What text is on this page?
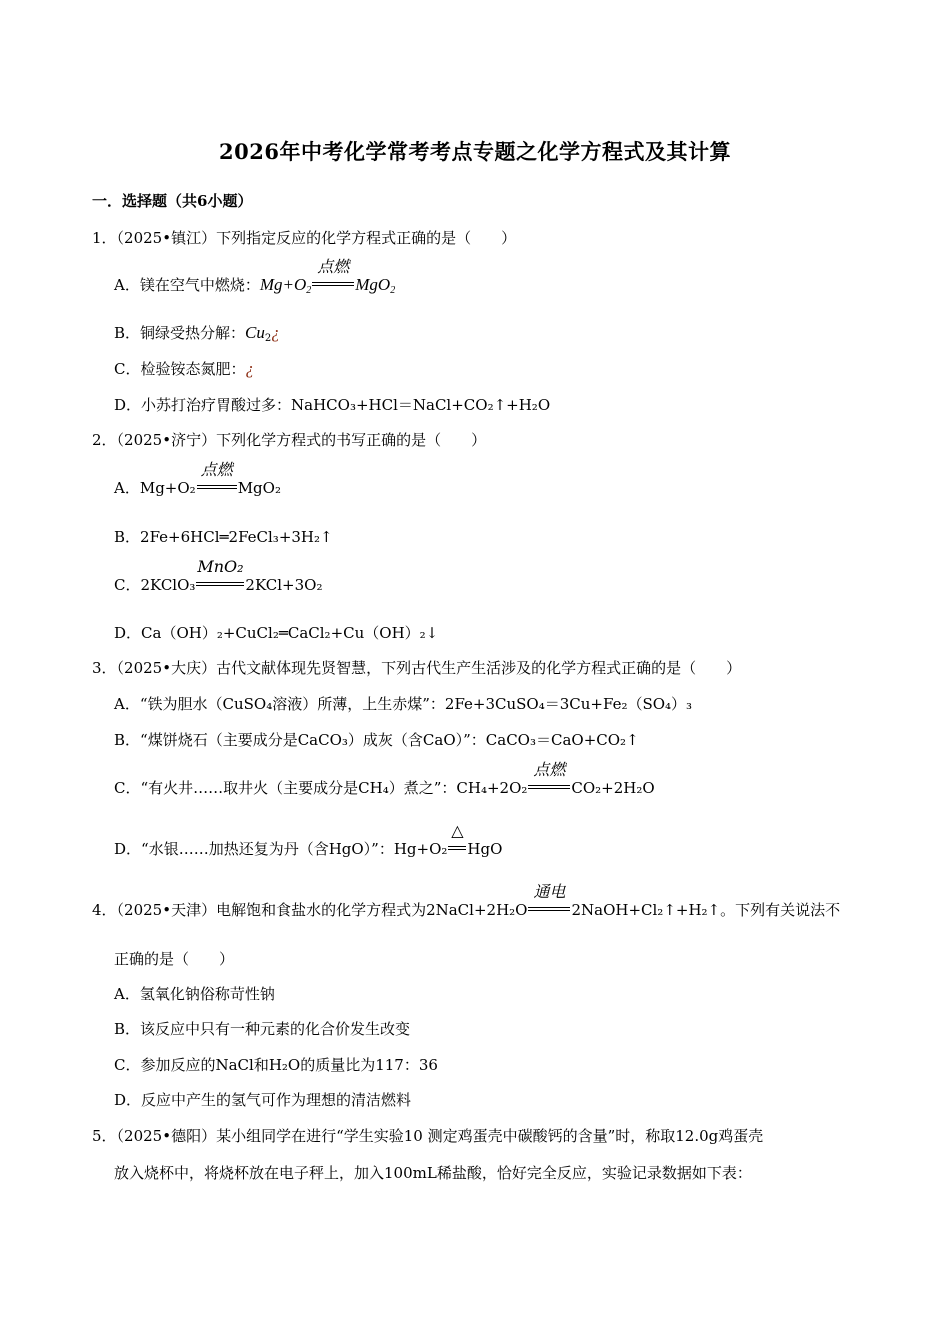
2026年中考化学常考考点专题之化学方程式及其计算
一．选择题（共6小题）
1．（2025•镇江）下列指定反应的化学方程式正确的是（　　）
A．镁在空气中燃烧：$Mg+O_2$
点燃
MgO$_2$
B．铜绿受热分解：$Cu_2¿$
C．检验铵态氮肥：¿
D．小苏打治疗胃酸过多：NaHCO₃+HCl＝NaCl+CO₂↑+H₂O
2．（2025•济宁）下列化学方程式的书写正确的是（　　）
A．Mg+O₂
点燃
MgO₂
B．2Fe+6HCl═2FeCl₃+3H₂↑
C．2KClO₃
MnO₂
2KCl+3O₂
D．Ca（OH）₂+CuCl₂═CaCl₂+Cu（OH）₂↓
3．（2025•大庆）古代文献体现先贤智慧，下列古代生产生活涉及的化学方程式正确的是（　　）
A．“铁为胆水（CuSO₄溶液）所薄，上生赤煤”：2Fe+3CuSO₄＝3Cu+Fe₂（SO₄）₃
B．“煤饼烧石（主要成分是CaCO₃）成灰（含CaO）”：CaCO₃＝CaO+CO₂↑
C．“有火井……取井火（主要成分是CH₄）煮之”：CH₄+2O₂
点燃
CO₂+2H₂O
D．“水银……加热还复为丹（含HgO）”：Hg+O₂
△
HgO
4．（2025•天津）电解饱和食盐水的化学方程式为2NaCl+2H₂O
通电
2NaOH+Cl₂↑+H₂↑。下列有关说法不
正确的是（　　）
A．氢氧化钠俗称苛性钠
B．该反应中只有一种元素的化合价发生改变
C．参加反应的NaCl和H₂O的质量比为117：36
D．反应中产生的氢气可作为理想的清洁燃料
5．（2025•德阳）某小组同学在进行“学生实验10 测定鸡蛋壳中碳酸钙的含量”时，称取12.0g鸡蛋壳
放入烧杯中，将烧杯放在电子秤上，加入100mL稀盐酸，恰好完全反应，实验记录数据如下表：
